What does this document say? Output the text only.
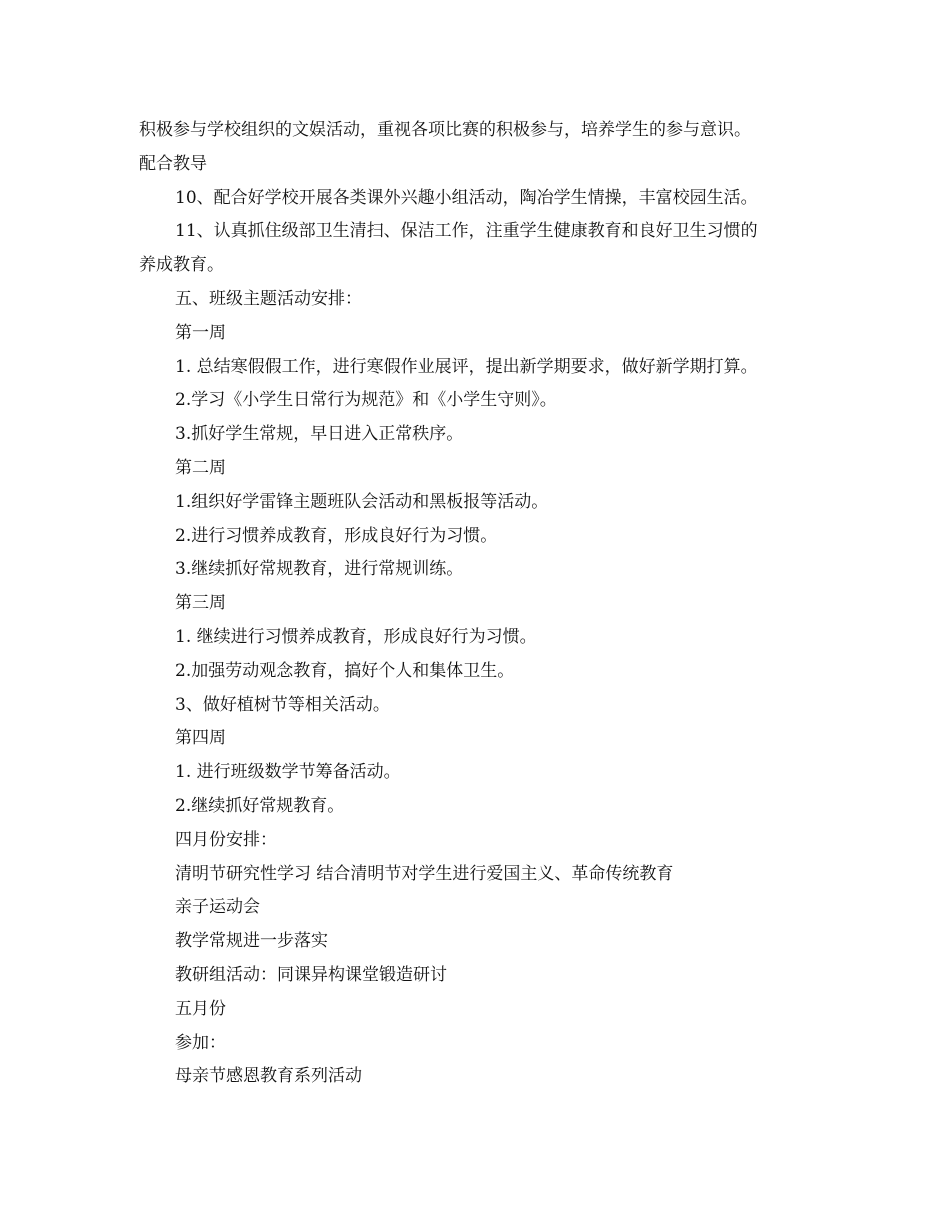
积极参与学校组织的文娱活动，重视各项比赛的积极参与，培养学生的参与意识。

配合教导

10、配合好学校开展各类课外兴趣小组活动，陶冶学生情操，丰富校园生活。

11、认真抓住级部卫生清扫、保洁工作，注重学生健康教育和良好卫生习惯的

养成教育。

五、班级主题活动安排：

第一周

1. 总结寒假假工作，进行寒假作业展评，提出新学期要求，做好新学期打算。

2.学习《小学生日常行为规范》和《小学生守则》。

3.抓好学生常规，早日进入正常秩序。

第二周

1.组织好学雷锋主题班队会活动和黑板报等活动。

2.进行习惯养成教育，形成良好行为习惯。

3.继续抓好常规教育，进行常规训练。

第三周

1. 继续进行习惯养成教育，形成良好行为习惯。

2.加强劳动观念教育，搞好个人和集体卫生。

3、做好植树节等相关活动。

第四周

1. 进行班级数学节筹备活动。

2.继续抓好常规教育。

四月份安排：

清明节研究性学习 结合清明节对学生进行爱国主义、革命传统教育

亲子运动会

教学常规进一步落实

教研组活动：同课异构课堂锻造研讨

五月份

参加：

母亲节感恩教育系列活动
